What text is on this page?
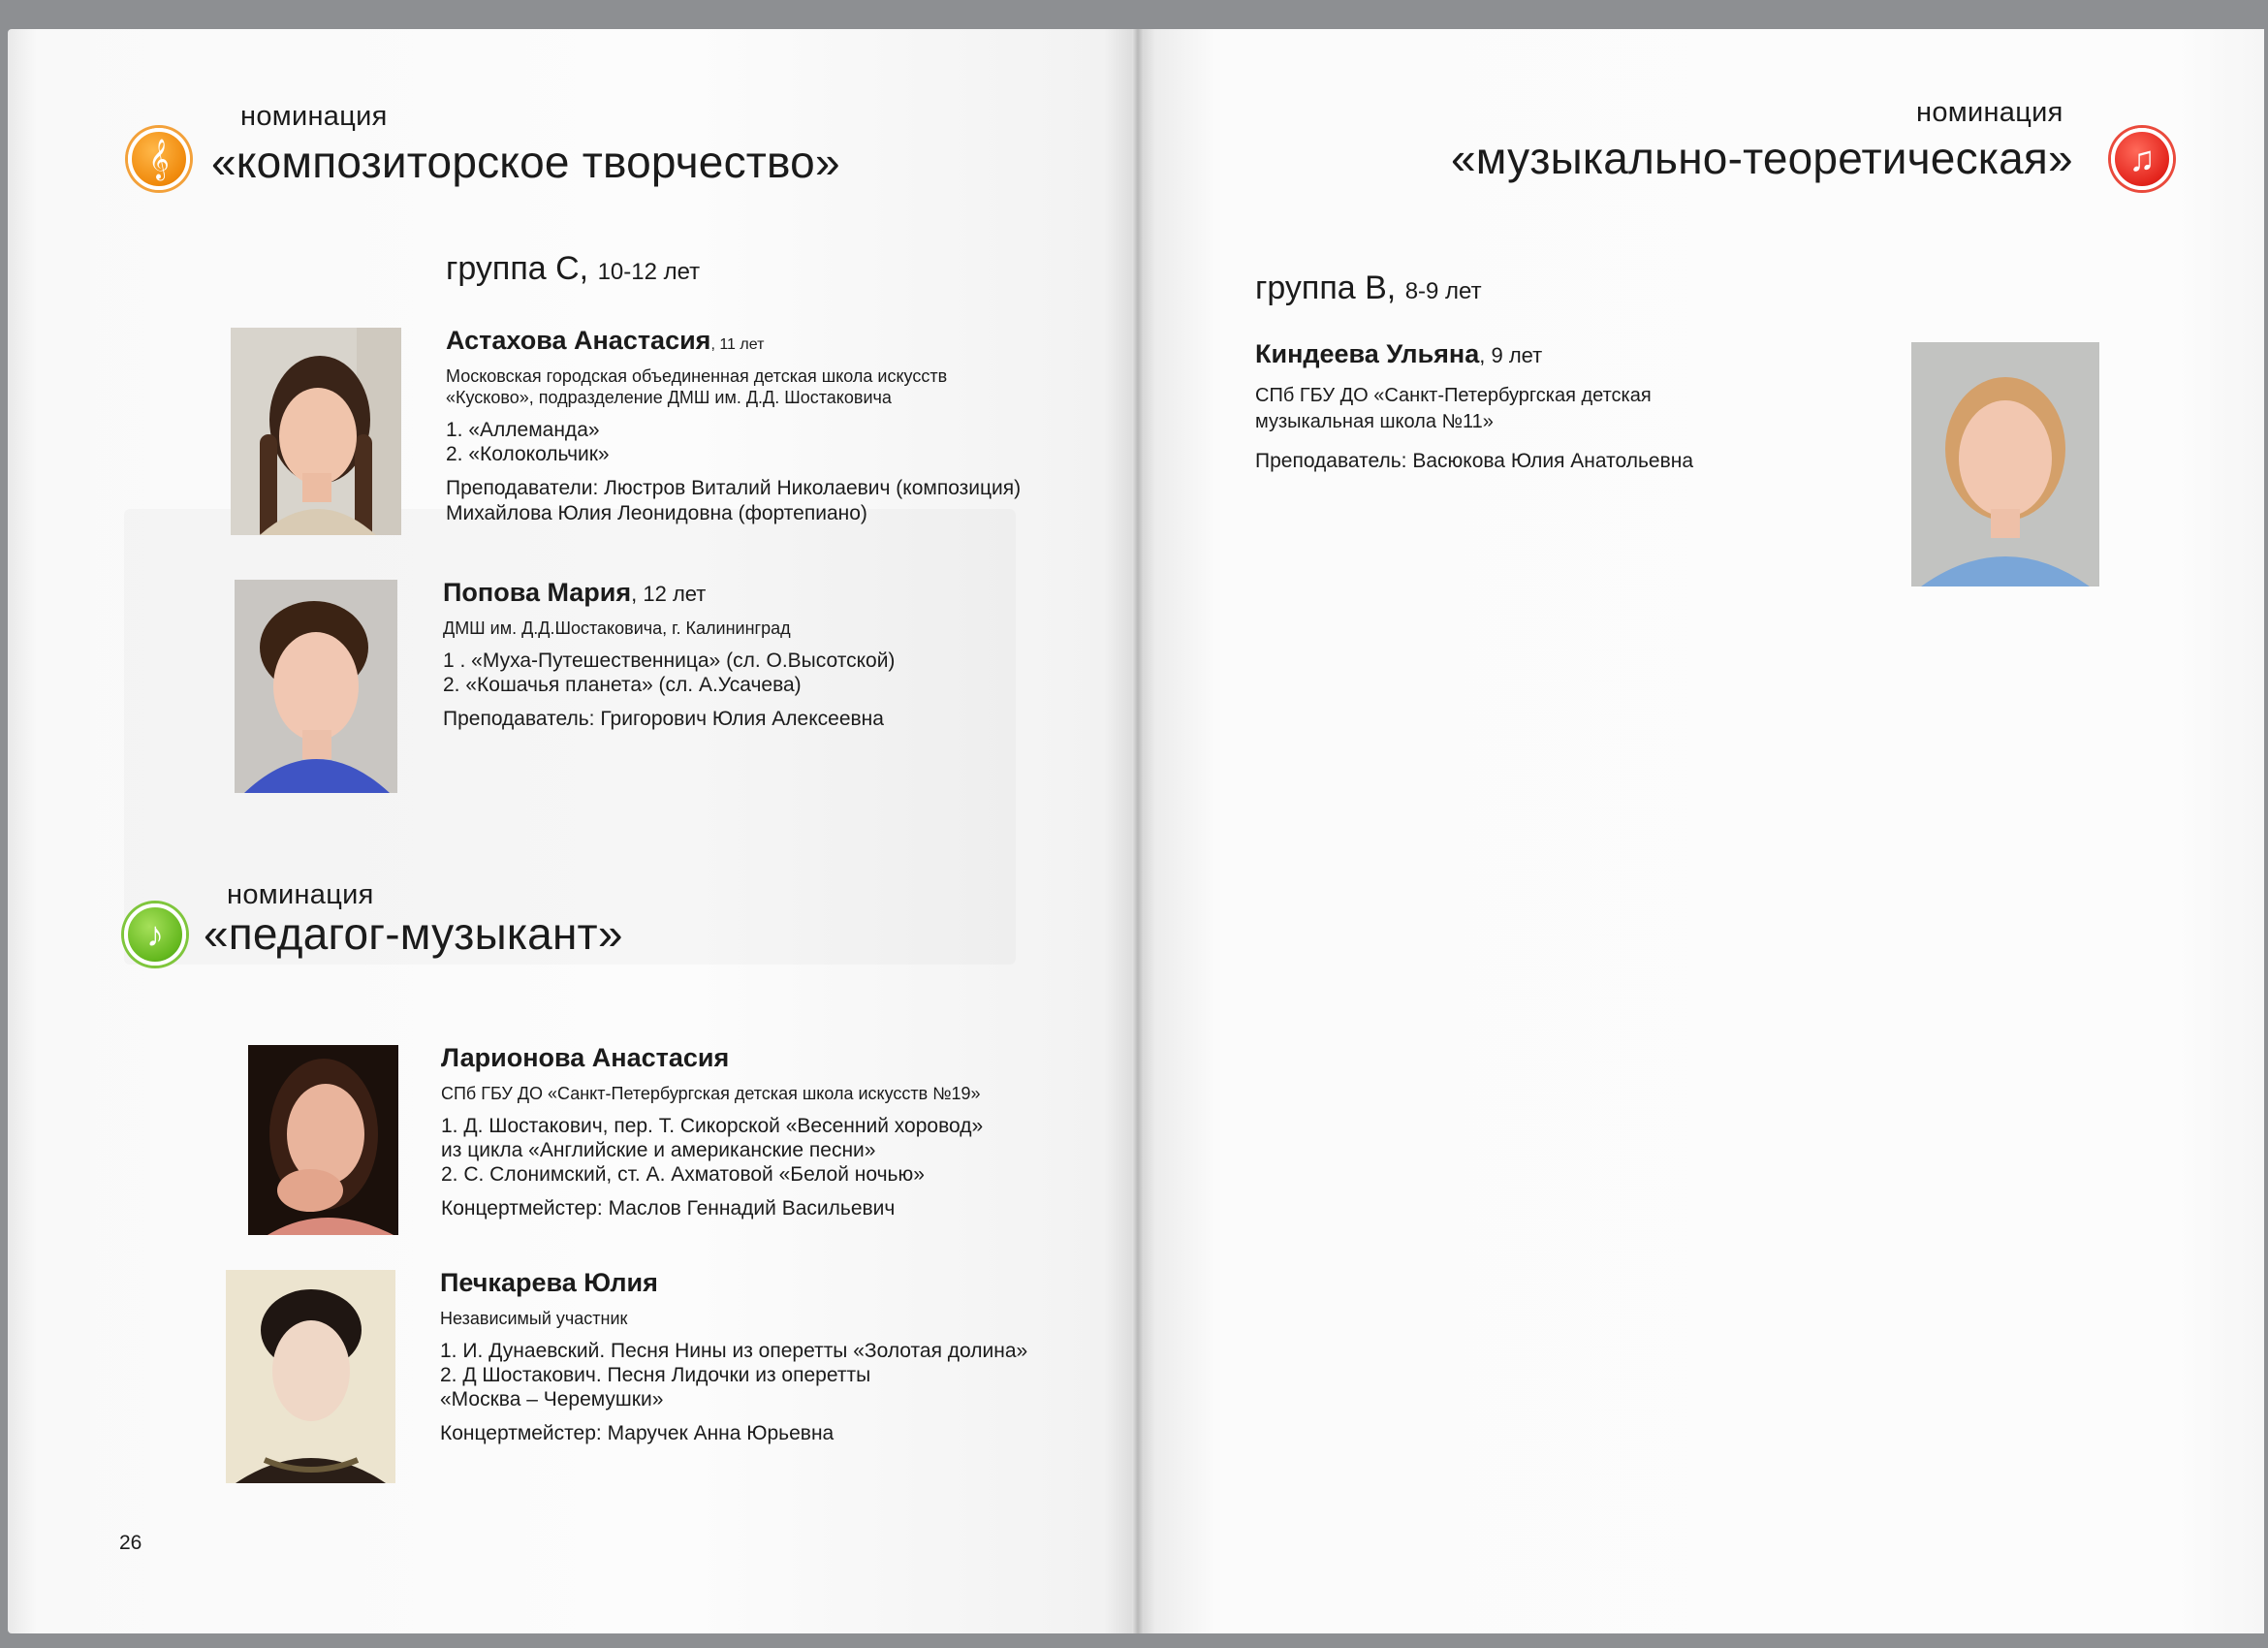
𝄞
номинация
«композиторское творчество»
группа C, 10-12 лет
Астахова Анастасия, 11 лет
Московская городская объединенная детская школа искусств
«Кусково», подразделение ДМШ им. Д.Д. Шостаковича
1. «Аллеманда»
2. «Колокольчик»
Преподаватели: Люстров Виталий Николаевич (композиция)
Михайлова Юлия Леонидовна (фортепиано)
Попова Мария, 12 лет
ДМШ им. Д.Д.Шостаковича, г. Калининград
1 . «Муха-Путешественница» (сл. О.Высотской)
2. «Кошачья планета» (сл. А.Усачева)
Преподаватель: Григорович Юлия Алексеевна
♪
номинация
«педагог-музыкант»
Ларионова Анастасия
СПб ГБУ ДО «Санкт-Петербургская детская школа искусств №19»
1. Д. Шостакович, пер. Т. Сикорской «Весенний хоровод»
из цикла «Английские и американские песни»
2. С. Слонимский, ст. А. Ахматовой «Белой ночью»
Концертмейстер: Маслов Геннадий Васильевич
Печкарева Юлия
Независимый участник
1. И. Дунаевский. Песня Нины из оперетты «Золотая долина»
2. Д Шостакович. Песня Лидочки из оперетты
«Москва – Черемушки»
Концертмейстер: Маручек Анна Юрьевна
26
номинация
«музыкально-теоретическая»	♫
группа B, 8-9 лет
Киндеева Ульяна, 9 лет
СПб ГБУ ДО «Санкт-Петербургская детская
музыкальная школа №11»
Преподаватель: Васюкова Юлия Анатольевна
